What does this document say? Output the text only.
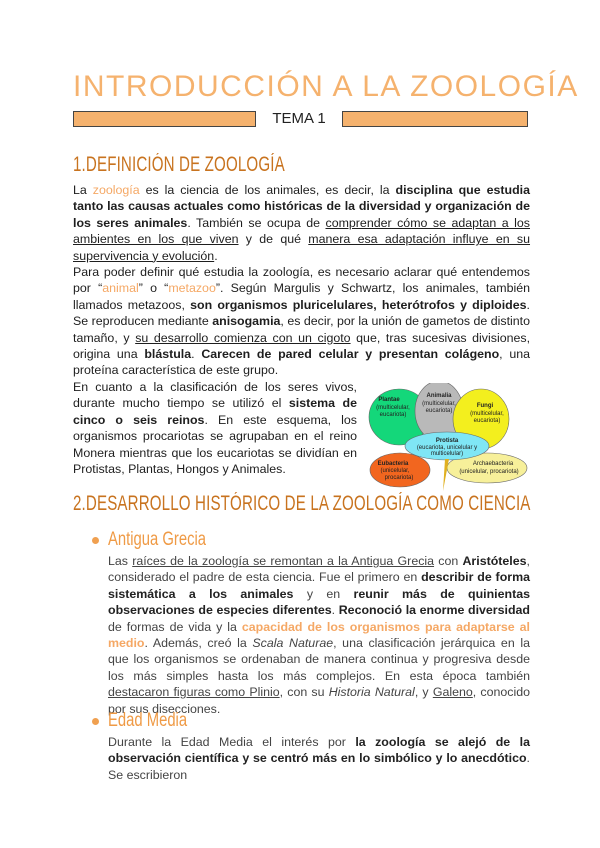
INTRODUCCIÓN A LA ZOOLOGÍA
TEMA 1
1.DEFINICIÓN DE ZOOLOGÍA

La zoología es la ciencia de los animales, es decir, la disciplina que estudia tanto las causas actuales como históricas de la diversidad y organización de los seres animales. También se ocupa de comprender cómo se adaptan a los ambientes en los que viven y de qué manera esa adaptación influye en su supervivencia y evolución.

Para poder definir qué estudia la zoología, es necesario aclarar qué entendemos por “animal” o “metazoo”. Según Margulis y Schwartz, los animales, también llamados metazoos, son organismos pluricelulares, heterótrofos y diploides. Se reproducen mediante anisogamia, es decir, por la unión de gametos de distinto tamaño, y su desarrollo comienza con un cigoto que, tras sucesivas divisiones, origina una blástula. Carecen de pared celular y presentan colágeno, una proteína característica de este grupo.

Plantae
(multicelular,
eucariota)
Animalia
(multicelular,
eucariota)
Fungi
(multicelular,
eucariota)
Protista
(eucariota, unicelular y
multicelular)
Eubacteria
(unicelular,
procariota)
Archaebacteria
(unicelular, procariota)

En cuanto a la clasificación de los seres vivos, durante mucho tiempo se utilizó el sistema de cinco o seis reinos. En este esquema, los organismos procariotas se agrupaban en el reino Monera mientras que los eucariotas se dividían en Protistas, Plantas, Hongos y Animales.

2.DESARROLLO HISTÓRICO DE LA ZOOLOGÍA COMO CIENCIA
Antigua Grecia

Las raíces de la zoología se remontan a la Antigua Grecia con Aristóteles, considerado el padre de esta ciencia. Fue el primero en describir de forma sistemática a los animales y en reunir más de quinientas observaciones de especies diferentes. Reconoció la enorme diversidad de formas de vida y la capacidad de los organismos para adaptarse al medio. Además, creó la Scala Naturae, una clasificación jerárquica en la que los organismos se ordenaban de manera continua y progresiva desde los más simples hasta los más complejos. En esta época también destacaron figuras como Plinio, con su Historia Natural, y Galeno, conocido por sus disecciones.

Edad Media

Durante la Edad Media el interés por la zoología se alejó de la observación científica y se centró más en lo simbólico y lo anecdótico. Se escribieron
